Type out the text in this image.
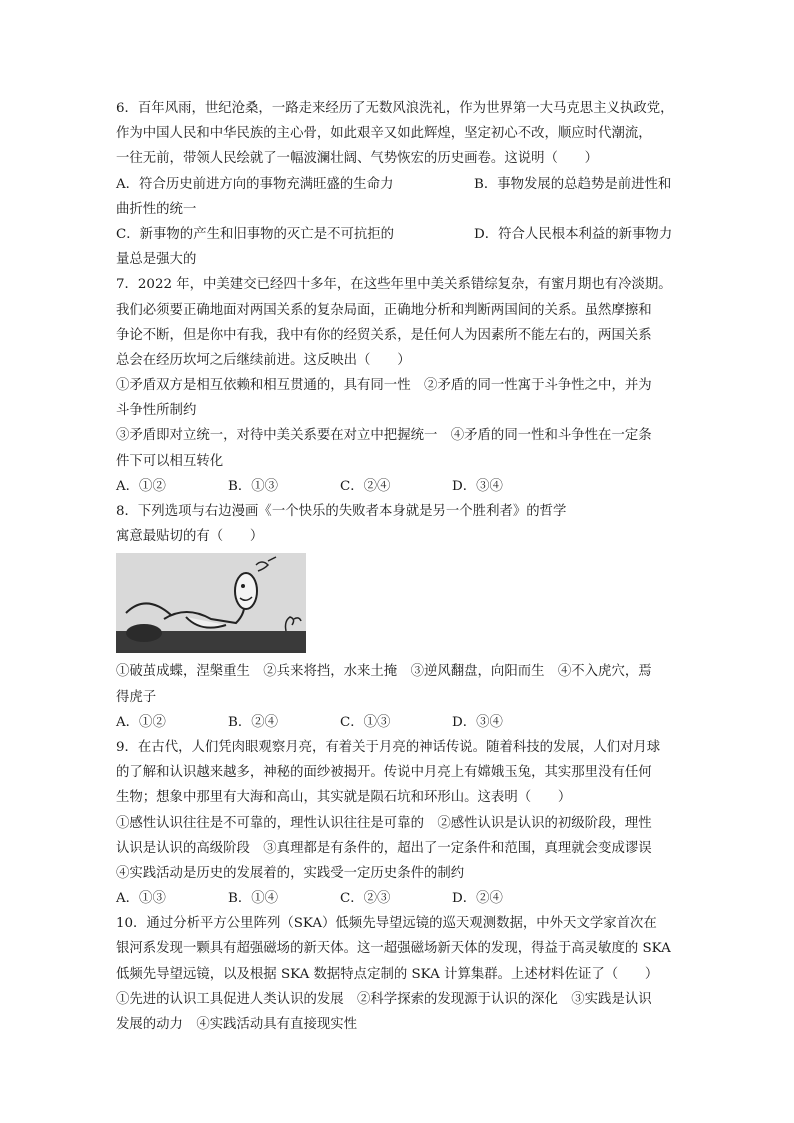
6．百年风雨，世纪沧桑，一路走来经历了无数风浪洗礼，作为世界第一大马克思主义执政党，
作为中国人民和中华民族的主心骨，如此艰辛又如此辉煌，坚定初心不改，顺应时代潮流，
一往无前，带领人民绘就了一幅波澜壮阔、气势恢宏的历史画卷。这说明（　　）
A．符合历史前进方向的事物充满旺盛的生命力	B．事物发展的总趋势是前进性和
曲折性的统一
C．新事物的产生和旧事物的灭亡是不可抗拒的	D．符合人民根本利益的新事物力
量总是强大的
7．2022 年，中美建交已经四十多年，在这些年里中美关系错综复杂，有蜜月期也有冷淡期。
我们必须要正确地面对两国关系的复杂局面，正确地分析和判断两国间的关系。虽然摩擦和
争论不断，但是你中有我，我中有你的经贸关系，是任何人为因素所不能左右的，两国关系
总会在经历坎坷之后继续前进。这反映出（　　）
①矛盾双方是相互依赖和相互贯通的，具有同一性　②矛盾的同一性寓于斗争性之中，并为
斗争性所制约
③矛盾即对立统一，对待中美关系要在对立中把握统一　④矛盾的同一性和斗争性在一定条
件下可以相互转化
A．①②	B．①③	C．②④	D．③④
8．下列选项与右边漫画《一个快乐的失败者本身就是另一个胜利者》的哲学
寓意最贴切的有（　　）
①破茧成蝶，涅槃重生　②兵来将挡，水来土掩　③逆风翻盘，向阳而生　④不入虎穴，焉
得虎子
A．①②	B．②④	C．①③	D．③④
9．在古代，人们凭肉眼观察月亮，有着关于月亮的神话传说。随着科技的发展，人们对月球
的了解和认识越来越多，神秘的面纱被揭开。传说中月亮上有嫦娥玉兔，其实那里没有任何
生物；想象中那里有大海和高山，其实就是陨石坑和环形山。这表明（　　）
①感性认识往往是不可靠的，理性认识往往是可靠的　②感性认识是认识的初级阶段，理性
认识是认识的高级阶段　③真理都是有条件的，超出了一定条件和范围，真理就会变成谬误
④实践活动是历史的发展着的，实践受一定历史条件的制约
A．①③	B．①④	C．②③	D．②④
10．通过分析平方公里阵列（SKA）低频先导望远镜的巡天观测数据，中外天文学家首次在
银河系发现一颗具有超强磁场的新天体。这一超强磁场新天体的发现，得益于高灵敏度的 SKA
低频先导望远镜，以及根据 SKA 数据特点定制的 SKA 计算集群。上述材料佐证了（　　）
①先进的认识工具促进人类认识的发展　②科学探索的发现源于认识的深化　③实践是认识
发展的动力　④实践活动具有直接现实性
